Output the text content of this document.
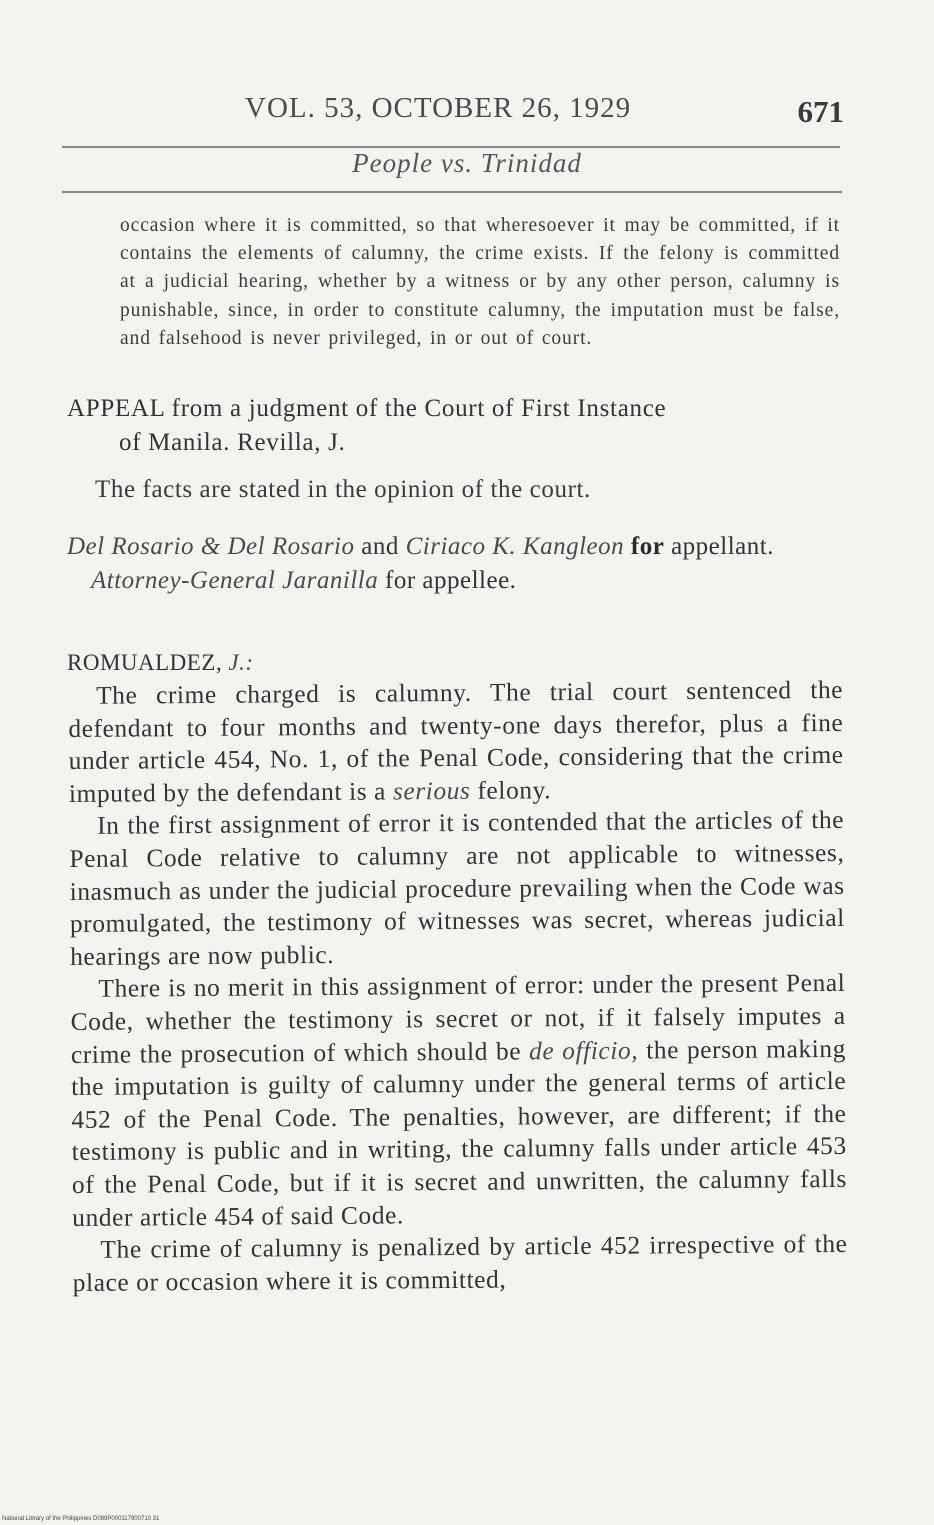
VOL. 53, OCTOBER 26, 1929	671
People vs. Trinidad
occasion where it is committed, so that wheresoever it may be committed, if it contains the elements of calumny, the crime exists. If the felony is committed at a judicial hearing, whether by a witness or by any other person, calumny is punishable, since, in order to constitute calumny, the imputation must be false, and falsehood is never privileged, in or out of court.
APPEAL from a judgment of the Court of First Instance
of Manila. Revilla, J.
The facts are stated in the opinion of the court.
Del Rosario & Del Rosario and Ciriaco K. Kangleon for appellant.
Attorney-General Jaranilla for appellee.
ROMUALDEZ, J.:

The crime charged is calumny. The trial court sentenced the defendant to four months and twenty-one days therefor, plus a fine under article 454, No. 1, of the Penal Code, considering that the crime imputed by the defendant is a serious felony.

In the first assignment of error it is contended that the articles of the Penal Code relative to calumny are not applicable to witnesses, inasmuch as under the judicial procedure prevailing when the Code was promulgated, the testimony of witnesses was secret, whereas judicial hearings are now public.

There is no merit in this assignment of error: under the present Penal Code, whether the testimony is secret or not, if it falsely imputes a crime the prosecution of which should be de officio, the person making the imputation is guilty of calumny under the general terms of article 452 of the Penal Code. The penalties, however, are different; if the testimony is public and in writing, the calumny falls under article 453 of the Penal Code, but if it is secret and unwritten, the calumny falls under article 454 of said Code.

The crime of calumny is penalized by article 452 irrespective of the place or occasion where it is committed,

National Library of the Philippines D089P000117900710 31
